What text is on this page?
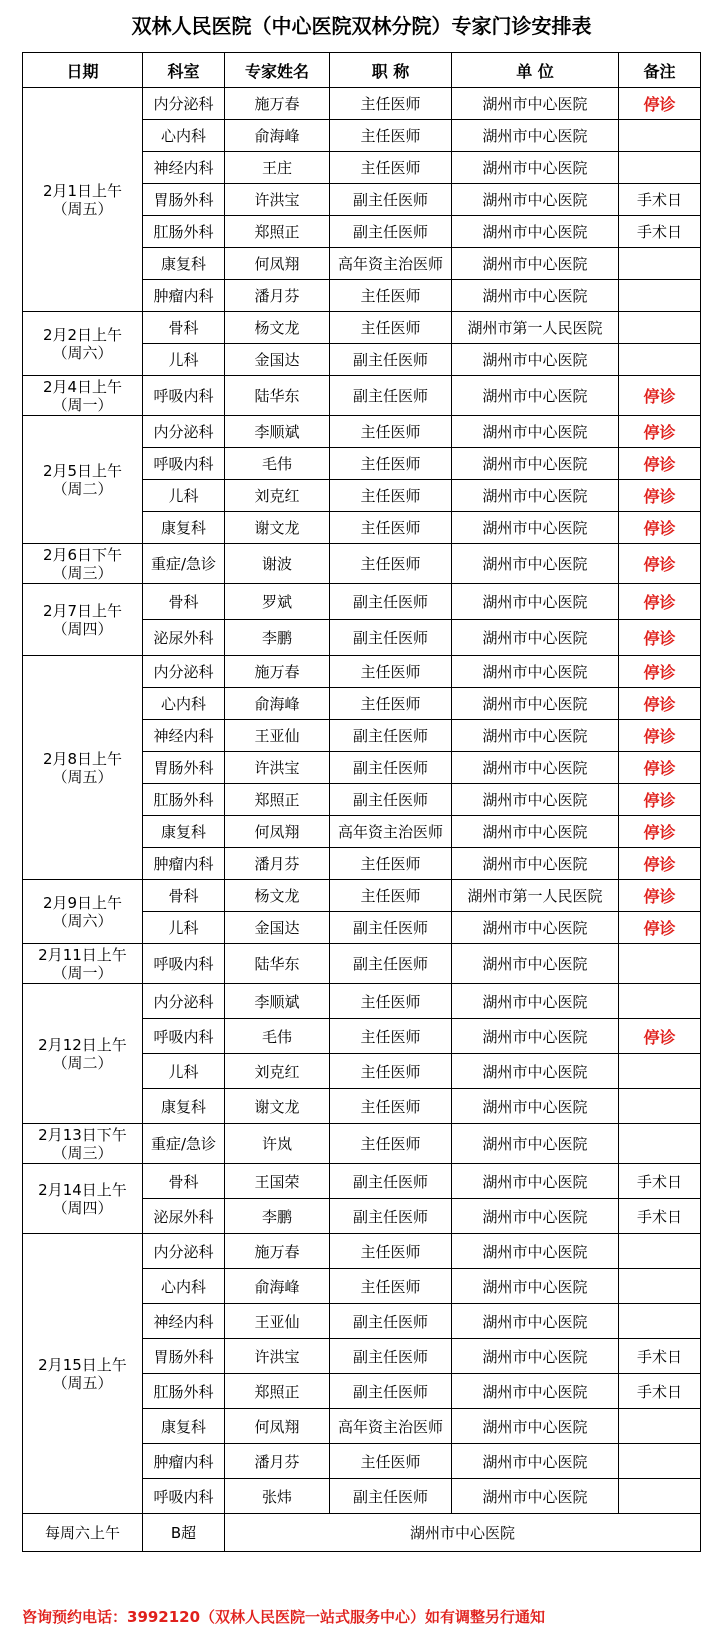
双林人民医院（中心医院双林分院）专家门诊安排表
日期	科室	专家姓名	职 称	单 位	备注

2月1日上午
（周五）	内分泌科	施万春	主任医师	湖州市中心医院	停诊
	心内科	俞海峰	主任医师	湖州市中心医院	
	神经内科	王庄	主任医师	湖州市中心医院	
	胃肠外科	许洪宝	副主任医师	湖州市中心医院	手术日
	肛肠外科	郑照正	副主任医师	湖州市中心医院	手术日
	康复科	何凤翔	高年资主治医师	湖州市中心医院	
	肿瘤内科	潘月芬	主任医师	湖州市中心医院	

2月2日上午
（周六）	骨科	杨文龙	主任医师	湖州市第一人民医院	
	儿科	金国达	副主任医师	湖州市中心医院	

2月4日上午
（周一）	呼吸内科	陆华东	副主任医师	湖州市中心医院	停诊

2月5日上午
（周二）	内分泌科	李顺斌	主任医师	湖州市中心医院	停诊
	呼吸内科	毛伟	主任医师	湖州市中心医院	停诊
	儿科	刘克红	主任医师	湖州市中心医院	停诊
	康复科	谢文龙	主任医师	湖州市中心医院	停诊

2月6日下午
（周三）	重症/急诊	谢波	主任医师	湖州市中心医院	停诊

2月7日上午
（周四）	骨科	罗斌	副主任医师	湖州市中心医院	停诊
	泌尿外科	李鹏	副主任医师	湖州市中心医院	停诊

2月8日上午
（周五）	内分泌科	施万春	主任医师	湖州市中心医院	停诊
	心内科	俞海峰	主任医师	湖州市中心医院	停诊
	神经内科	王亚仙	副主任医师	湖州市中心医院	停诊
	胃肠外科	许洪宝	副主任医师	湖州市中心医院	停诊
	肛肠外科	郑照正	副主任医师	湖州市中心医院	停诊
	康复科	何凤翔	高年资主治医师	湖州市中心医院	停诊
	肿瘤内科	潘月芬	主任医师	湖州市中心医院	停诊

2月9日上午
（周六）	骨科	杨文龙	主任医师	湖州市第一人民医院	停诊
	儿科	金国达	副主任医师	湖州市中心医院	停诊

2月11日上午
（周一）	呼吸内科	陆华东	副主任医师	湖州市中心医院	

2月12日上午
（周二）	内分泌科	李顺斌	主任医师	湖州市中心医院	
	呼吸内科	毛伟	主任医师	湖州市中心医院	停诊
	儿科	刘克红	主任医师	湖州市中心医院	
	康复科	谢文龙	主任医师	湖州市中心医院	

2月13日下午
（周三）	重症/急诊	许岚	主任医师	湖州市中心医院	

2月14日上午
（周四）	骨科	王国荣	副主任医师	湖州市中心医院	手术日
	泌尿外科	李鹏	副主任医师	湖州市中心医院	手术日

2月15日上午
（周五）	内分泌科	施万春	主任医师	湖州市中心医院	
	心内科	俞海峰	主任医师	湖州市中心医院	
	神经内科	王亚仙	副主任医师	湖州市中心医院	
	胃肠外科	许洪宝	副主任医师	湖州市中心医院	手术日
	肛肠外科	郑照正	副主任医师	湖州市中心医院	手术日
	康复科	何凤翔	高年资主治医师	湖州市中心医院	
	肿瘤内科	潘月芬	主任医师	湖州市中心医院	
	呼吸内科	张炜	副主任医师	湖州市中心医院	
每周六上午	B超	湖州市中心医院			
咨询预约电话：3992120（双林人民医院一站式服务中心）如有调整另行通知
